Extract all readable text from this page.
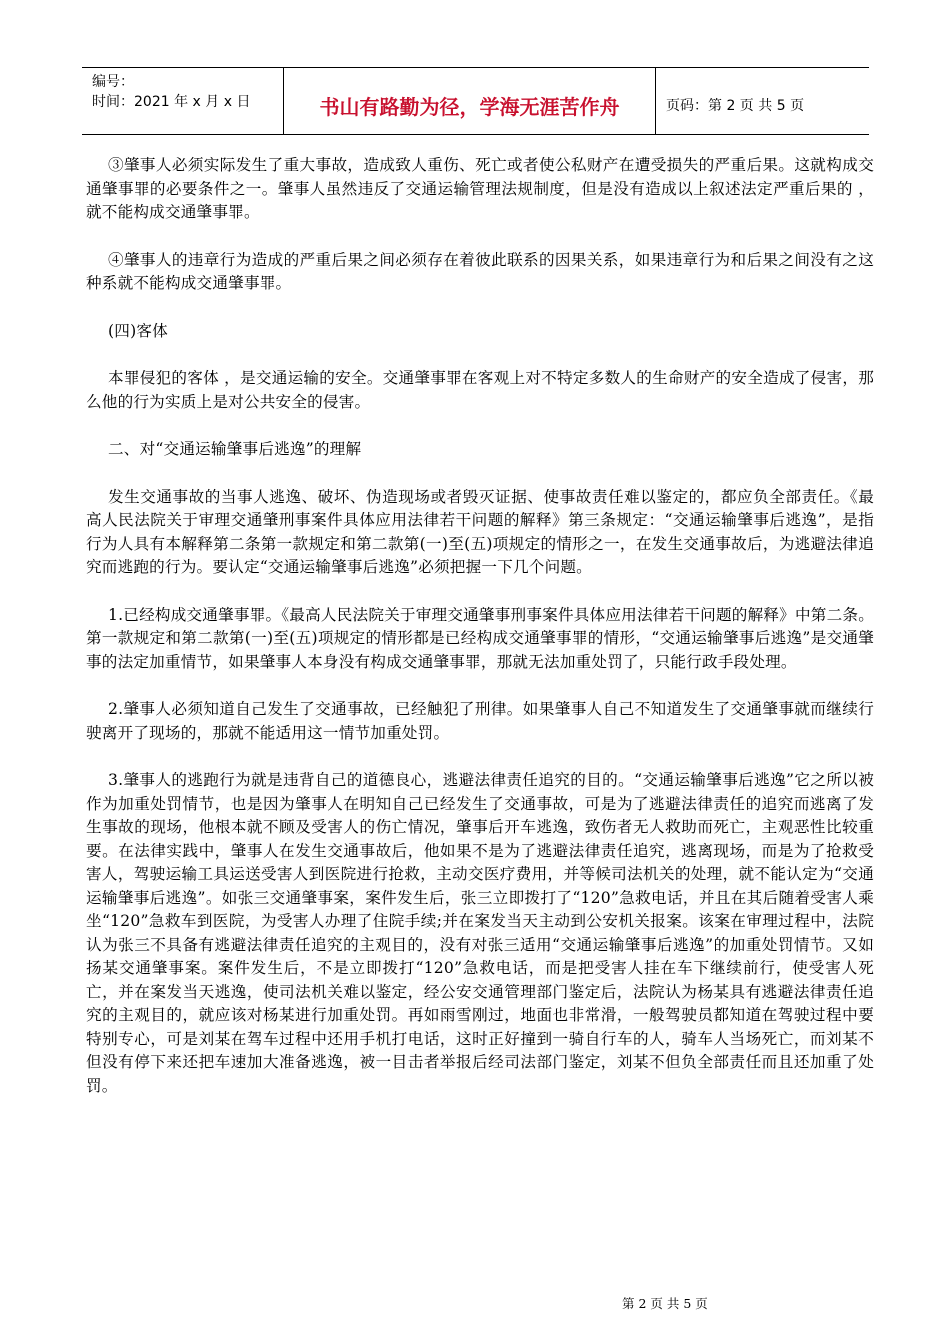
编号：
时间：2021 年 x 月 x 日	书山有路勤为径，学海无涯苦作舟	页码：第 2 页 共 5 页

③肇事人必须实际发生了重大事故，造成致人重伤、死亡或者使公私财产在遭受损失的严重后果。这就构成交通肇事罪的必要条件之一。肇事人虽然违反了交通运输管理法规制度，但是没有造成以上叙述法定严重后果的 ，就不能构成交通肇事罪。

④肇事人的违章行为造成的严重后果之间必须存在着彼此联系的因果关系，如果违章行为和后果之间没有之这种系就不能构成交通肇事罪。

(四)客体

本罪侵犯的客体 ，是交通运输的安全。交通肇事罪在客观上对不特定多数人的生命财产的安全造成了侵害，那么他的行为实质上是对公共安全的侵害。

二、对“交通运输肇事后逃逸”的理解

发生交通事故的当事人逃逸、破坏、伪造现场或者毁灭证据、使事故责任难以鉴定的，都应负全部责任。《最高人民法院关于审理交通肇刑事案件具体应用法律若干问题的解释》第三条规定：“交通运输肇事后逃逸”，是指行为人具有本解释第二条第一款规定和第二款第(一)至(五)项规定的情形之一，在发生交通事故后，为逃避法律追究而逃跑的行为。要认定“交通运输肇事后逃逸”必须把握一下几个问题。

1.已经构成交通肇事罪。《最高人民法院关于审理交通肇事刑事案件具体应用法律若干问题的解释》中第二条。第一款规定和第二款第(一)至(五)项规定的情形都是已经构成交通肇事罪的情形，“交通运输肇事后逃逸”是交通肇事的法定加重情节，如果肇事人本身没有构成交通肇事罪，那就无法加重处罚了，只能行政手段处理。

2.肇事人必须知道自己发生了交通事故，已经触犯了刑律。如果肇事人自己不知道发生了交通肇事就而继续行驶离开了现场的，那就不能适用这一情节加重处罚。

3.肇事人的逃跑行为就是违背自己的道德良心，逃避法律责任追究的目的。“交通运输肇事后逃逸”它之所以被作为加重处罚情节，也是因为肇事人在明知自己已经发生了交通事故，可是为了逃避法律责任的追究而逃离了发生事故的现场，他根本就不顾及受害人的伤亡情况，肇事后开车逃逸，致伤者无人救助而死亡，主观恶性比较重要。在法律实践中，肇事人在发生交通事故后，他如果不是为了逃避法律责任追究，逃离现场，而是为了抢救受害人，驾驶运输工具运送受害人到医院进行抢救，主动交医疗费用，并等候司法机关的处理，就不能认定为“交通运输肇事后逃逸”。如张三交通肇事案，案件发生后，张三立即拨打了“120”急救电话，并且在其后随着受害人乘坐“120”急救车到医院，为受害人办理了住院手续;并在案发当天主动到公安机关报案。该案在审理过程中，法院认为张三不具备有逃避法律责任追究的主观目的，没有对张三适用“交通运输肇事后逃逸”的加重处罚情节。又如扬某交通肇事案。案件发生后，不是立即拨打“120”急救电话，而是把受害人挂在车下继续前行，使受害人死亡，并在案发当天逃逸，使司法机关难以鉴定，经公安交通管理部门鉴定后，法院认为杨某具有逃避法律责任追究的主观目的，就应该对杨某进行加重处罚。再如雨雪刚过，地面也非常滑，一般驾驶员都知道在驾驶过程中要特别专心，可是刘某在驾车过程中还用手机打电话，这时正好撞到一骑自行车的人，骑车人当场死亡，而刘某不但没有停下来还把车速加大准备逃逸，被一目击者举报后经司法部门鉴定，刘某不但负全部责任而且还加重了处罚。

第 2 页 共 5 页
